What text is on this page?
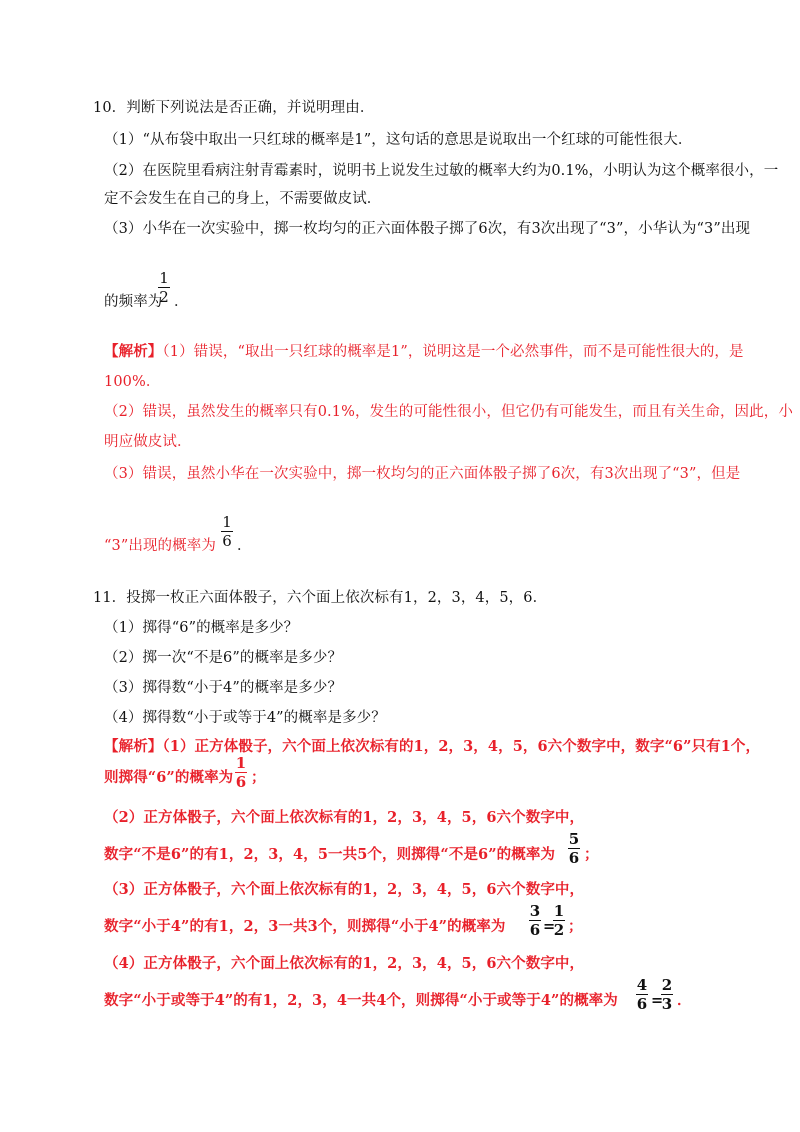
10．判断下列说法是否正确，并说明理由．
（1）“从布袋中取出一只红球的概率是1”，这句话的意思是说取出一个红球的可能性很大．
（2）在医院里看病注射青霉素时，说明书上说发生过敏的概率大约为0.1%，小明认为这个概率很小，一
定不会发生在自己的身上，不需要做皮试．
（3）小华在一次实验中，掷一枚均匀的正六面体骰子掷了6次，有3次出现了“3”，小华认为“3”出现
的频率为
1
2 ．
【解析】（1）错误，“取出一只红球的概率是1”，说明这是一个必然事件，而不是可能性很大的，是
100%．
（2）错误，虽然发生的概率只有0.1%，发生的可能性很小，但它仍有可能发生，而且有关生命，因此，小
明应做皮试．
（3）错误，虽然小华在一次实验中，掷一枚均匀的正六面体骰子掷了6次，有3次出现了“3”，但是
“3”出现的概率为
1
6 ．
11．投掷一枚正六面体骰子，六个面上依次标有1，2，3，4，5，6．
（1）掷得“6”的概率是多少？
（2）掷一次“不是6”的概率是多少？
（3）掷得数“小于4”的概率是多少？
（4）掷得数“小于或等于4”的概率是多少？
【解析】（1）正方体骰子，六个面上依次标有的1，2，3，4，5，6六个数字中，数字“6”只有1个，
则掷得“6”的概率为
1
6 ；
（2）正方体骰子，六个面上依次标有的1，2，3，4，5，6六个数字中，
数字“不是6”的有1，2，3，4，5一共5个，则掷得“不是6”的概率为
5
6 ；
（3）正方体骰子，六个面上依次标有的1，2，3，4，5，6六个数字中，
数字“小于4”的有1，2，3一共3个，则掷得“小于4”的概率为
3
6 =
1
2 ；
（4）正方体骰子，六个面上依次标有的1，2，3，4，5，6六个数字中，
数字“小于或等于4”的有1，2，3，4一共4个，则掷得“小于或等于4”的概率为
4
6 =
2
3 ．
